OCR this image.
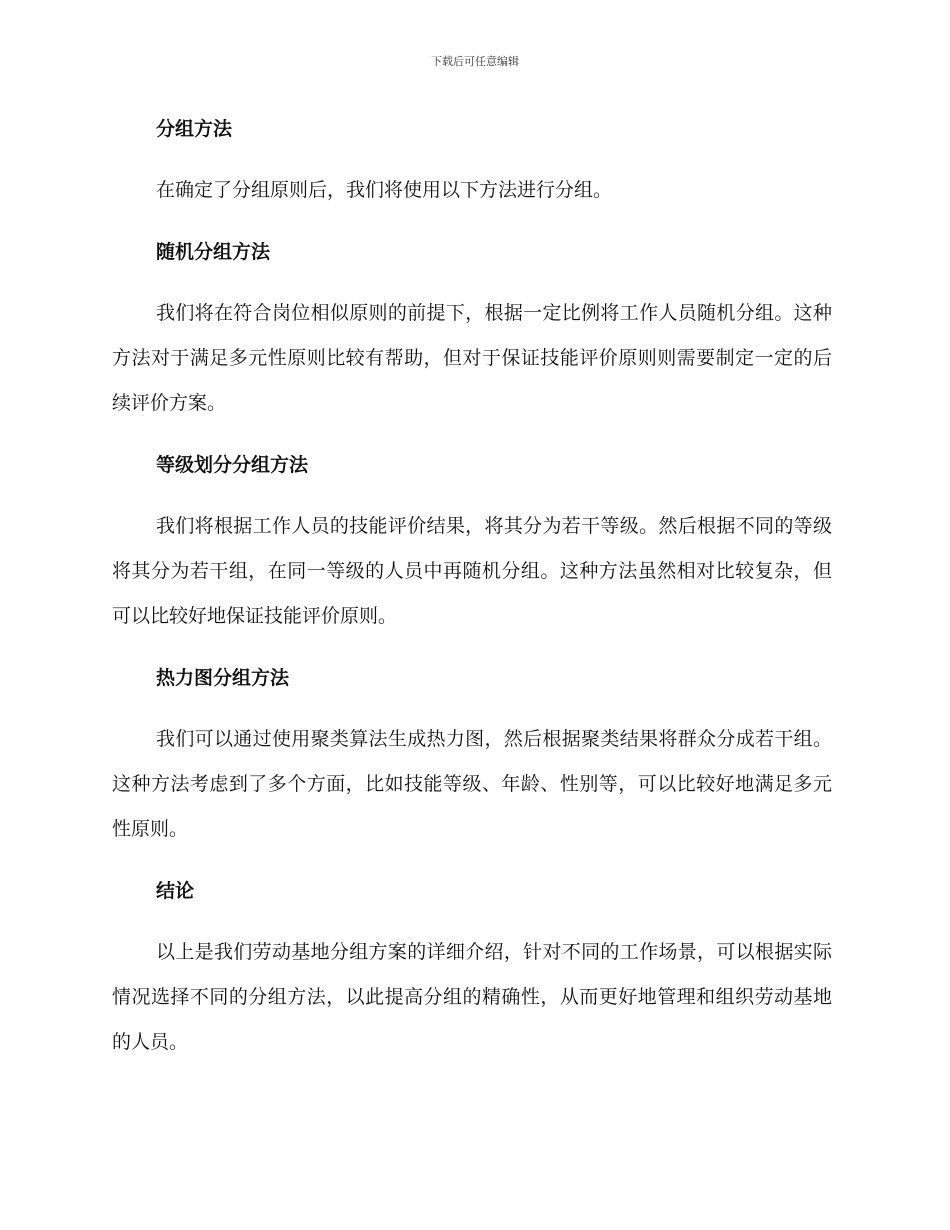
下载后可任意编辑
分组方法

在确定了分组原则后，我们将使用以下方法进行分组。

随机分组方法

我们将在符合岗位相似原则的前提下，根据一定比例将工作人员随机分组。这种方法对于满足多元性原则比较有帮助，但对于保证技能评价原则则需要制定一定的后续评价方案。

等级划分分组方法

我们将根据工作人员的技能评价结果，将其分为若干等级。然后根据不同的等级将其分为若干组，在同一等级的人员中再随机分组。这种方法虽然相对比较复杂，但可以比较好地保证技能评价原则。

热力图分组方法

我们可以通过使用聚类算法生成热力图，然后根据聚类结果将群众分成若干组。这种方法考虑到了多个方面，比如技能等级、年龄、性别等，可以比较好地满足多元性原则。

结论

以上是我们劳动基地分组方案的详细介绍，针对不同的工作场景，可以根据实际情况选择不同的分组方法，以此提高分组的精确性，从而更好地管理和组织劳动基地的人员。
